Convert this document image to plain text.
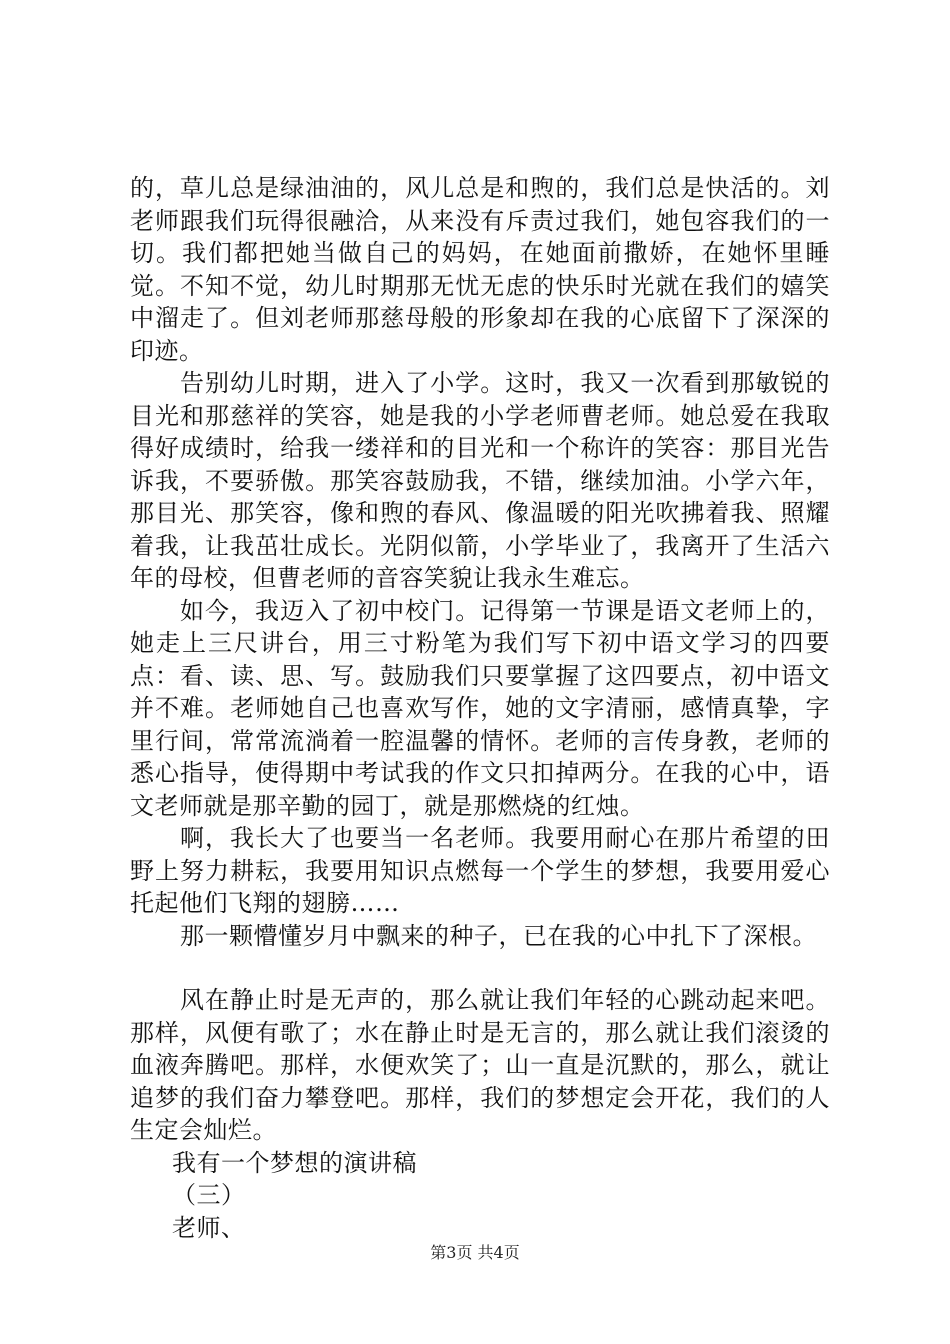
的，草儿总是绿油油的，风儿总是和煦的，我们总是快活的。刘老师跟我们玩得很融洽，从来没有斥责过我们，她包容我们的一切。我们都把她当做自己的妈妈，在她面前撒娇，在她怀里睡觉。不知不觉，幼儿时期那无忧无虑的快乐时光就在我们的嬉笑中溜走了。但刘老师那慈母般的形象却在我的心底留下了深深的印迹。

告别幼儿时期，进入了小学。这时，我又一次看到那敏锐的目光和那慈祥的笑容，她是我的小学老师曹老师。她总爱在我取得好成绩时，给我一缕祥和的目光和一个称许的笑容：那目光告诉我，不要骄傲。那笑容鼓励我，不错，继续加油。小学六年，那目光、那笑容，像和煦的春风、像温暖的阳光吹拂着我、照耀着我，让我茁壮成长。光阴似箭，小学毕业了，我离开了生活六年的母校，但曹老师的音容笑貌让我永生难忘。

如今，我迈入了初中校门。记得第一节课是语文老师上的，她走上三尺讲台，用三寸粉笔为我们写下初中语文学习的四要点：看、读、思、写。鼓励我们只要掌握了这四要点，初中语文并不难。老师她自己也喜欢写作，她的文字清丽，感情真挚，字里行间，常常流淌着一腔温馨的情怀。老师的言传身教，老师的悉心指导，使得期中考试我的作文只扣掉两分。在我的心中，语文老师就是那辛勤的园丁，就是那燃烧的红烛。

啊，我长大了也要当一名老师。我要用耐心在那片希望的田野上努力耕耘，我要用知识点燃每一个学生的梦想，我要用爱心托起他们飞翔的翅膀……

那一颗懵懂岁月中飘来的种子，已在我的心中扎下了深根。

风在静止时是无声的，那么就让我们年轻的心跳动起来吧。那样，风便有歌了；水在静止时是无言的，那么就让我们滚烫的血液奔腾吧。那样，水便欢笑了；山一直是沉默的，那么，就让追梦的我们奋力攀登吧。那样，我们的梦想定会开花，我们的人生定会灿烂。

我有一个梦想的演讲稿

（三）

老师、

第3页 共4页
